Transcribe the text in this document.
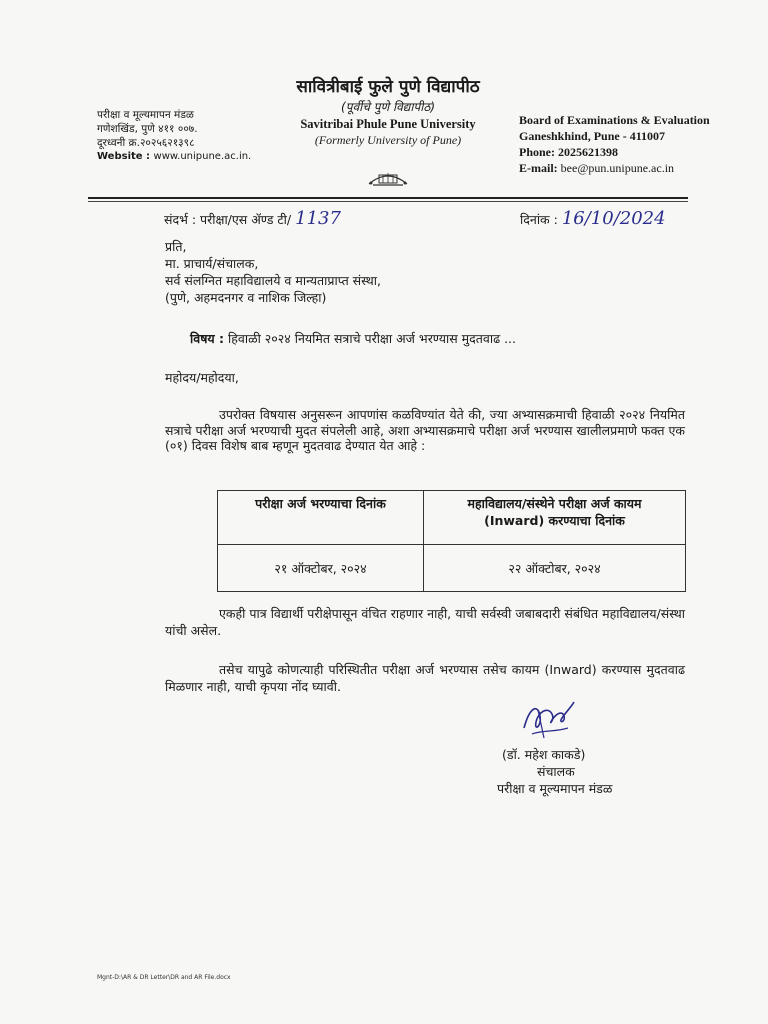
परीक्षा व मूल्यमापन मंडळ
गणेशखिंड, पुणे ४११ ००७.
दूरध्वनी क्र.२०२५६२१३९८
Website : www.unipune.ac.in.
सावित्रीबाई फुले पुणे विद्यापीठ
(पूर्वीचे पुणे विद्यापीठ)
Savitribai Phule Pune University
(Formerly University of Pune)
Board of Examinations & Evaluation
Ganeshkhind, Pune - 411007
Phone: 2025621398
E-mail: bee@pun.unipune.ac.in
संदर्भ : परीक्षा/एस ॲण्ड टी/ 1137	दिनांक : 16/10/2024
प्रति,
मा. प्राचार्य/संचालक,
सर्व संलग्नित महाविद्यालये व मान्यताप्राप्त संस्था,
(पुणे, अहमदनगर व नाशिक जिल्हा)
विषय : हिवाळी २०२४ नियमित सत्राचे परीक्षा अर्ज भरण्यास मुदतवाढ ...
महोदय/महोदया,
उपरोक्त विषयास अनुसरून आपणांस कळविण्यांत येते की, ज्या अभ्यासक्रमाची हिवाळी २०२४ नियमित सत्राचे परीक्षा अर्ज भरण्याची मुदत संपलेली आहे, अशा अभ्यासक्रमाचे परीक्षा अर्ज भरण्यास खालीलप्रमाणे फक्त एक (०१) दिवस विशेष बाब म्हणून मुदतवाढ देण्यात येत आहे :
परीक्षा अर्ज भरण्याचा दिनांक	महाविद्यालय/संस्थेने परीक्षा अर्ज कायम
(Inward) करण्याचा दिनांक

२१ ऑक्टोबर, २०२४	२२ ऑक्टोबर, २०२४
एकही पात्र विद्यार्थी परीक्षेपासून वंचित राहणार नाही, याची सर्वस्वी जबाबदारी संबंधित महाविद्यालय/संस्था यांची असेल.
तसेच यापुढे कोणत्याही परिस्थितीत परीक्षा अर्ज भरण्यास तसेच कायम (Inward) करण्यास मुदतवाढ मिळणार नाही, याची कृपया नोंद घ्यावी.
(डॉ. महेश काकडे)
संचालक
परीक्षा व मूल्यमापन मंडळ
Mgnt-D:\AR & DR Letter\DR and AR File.docx
